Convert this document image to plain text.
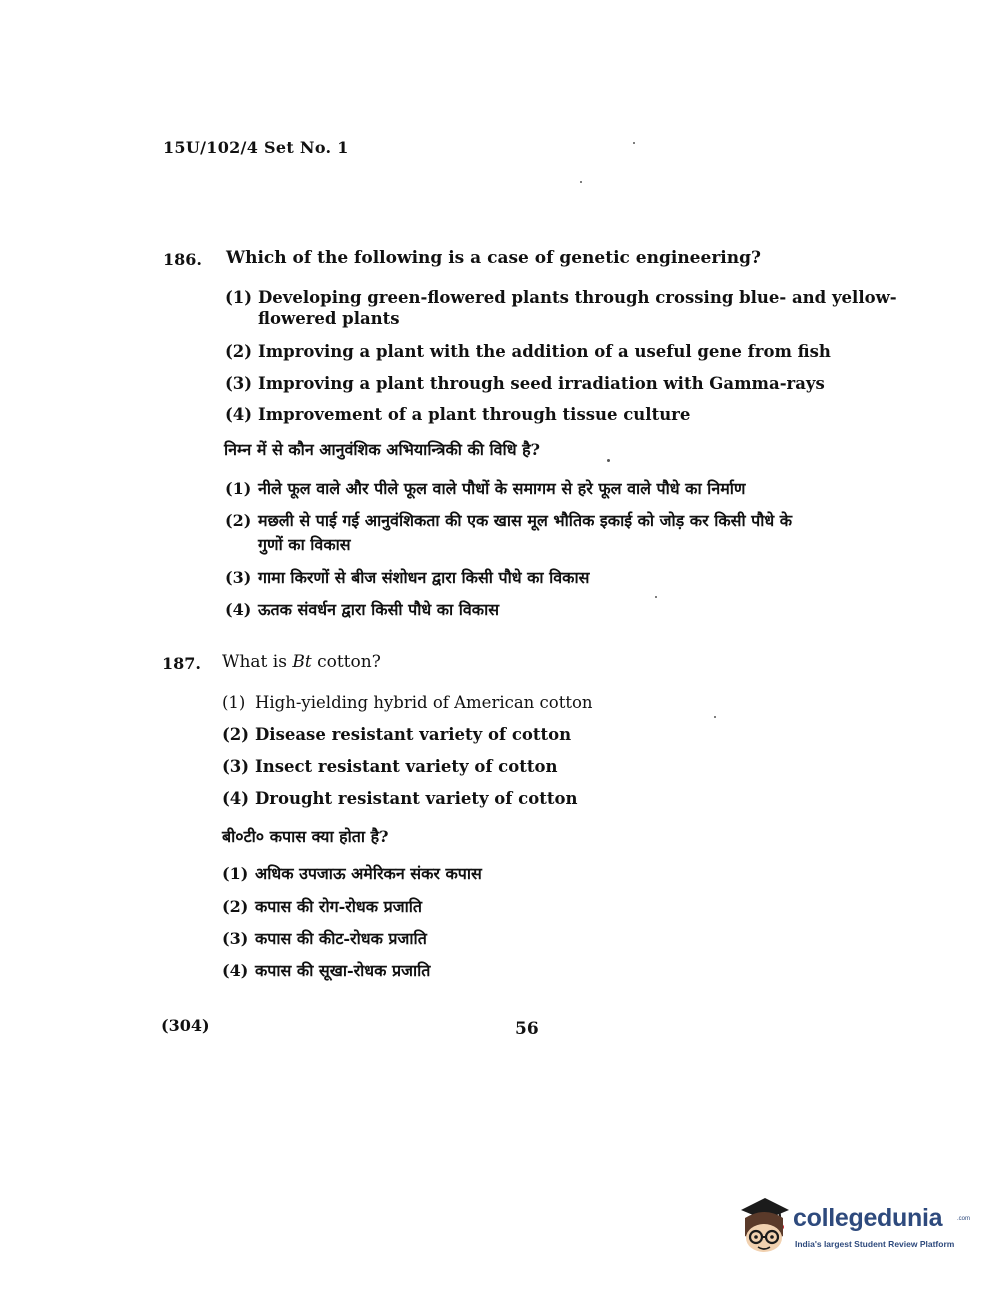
15U/102/4 Set No. 1
186. Which of the following is a case of genetic engineering?
(1) Developing green-flowered plants through crossing blue- and yellow-
flowered plants
(2) Improving a plant with the addition of a useful gene from fish
(3) Improving a plant through seed irradiation with Gamma-rays
(4) Improvement of a plant through tissue culture
निम्न में से कौन आनुवंशिक अभियान्त्रिकी की विधि है?
(1) नीले फूल वाले और पीले फूल वाले पौधों के समागम से हरे फूल वाले पौधे का निर्माण
(2) मछली से पाई गई आनुवंशिकता की एक खास मूल भौतिक इकाई को जोड़ कर किसी पौधे के
गुणों का विकास
(3) गामा किरणों से बीज संशोधन द्वारा किसी पौधे का विकास
(4) ऊतक संवर्धन द्वारा किसी पौधे का विकास
187. What is Bt cotton?
(1) High-yielding hybrid of American cotton
(2) Disease resistant variety of cotton
(3) Insect resistant variety of cotton
(4) Drought resistant variety of cotton
बी०टी० कपास क्या होता है?
(1) अधिक उपजाऊ अमेरिकन संकर कपास
(2) कपास की रोग-रोधक प्रजाति
(3) कपास की कीट-रोधक प्रजाति
(4) कपास की सूखा-रोधक प्रजाति
(304)	56
collegedunia .com
India's largest Student Review Platform
